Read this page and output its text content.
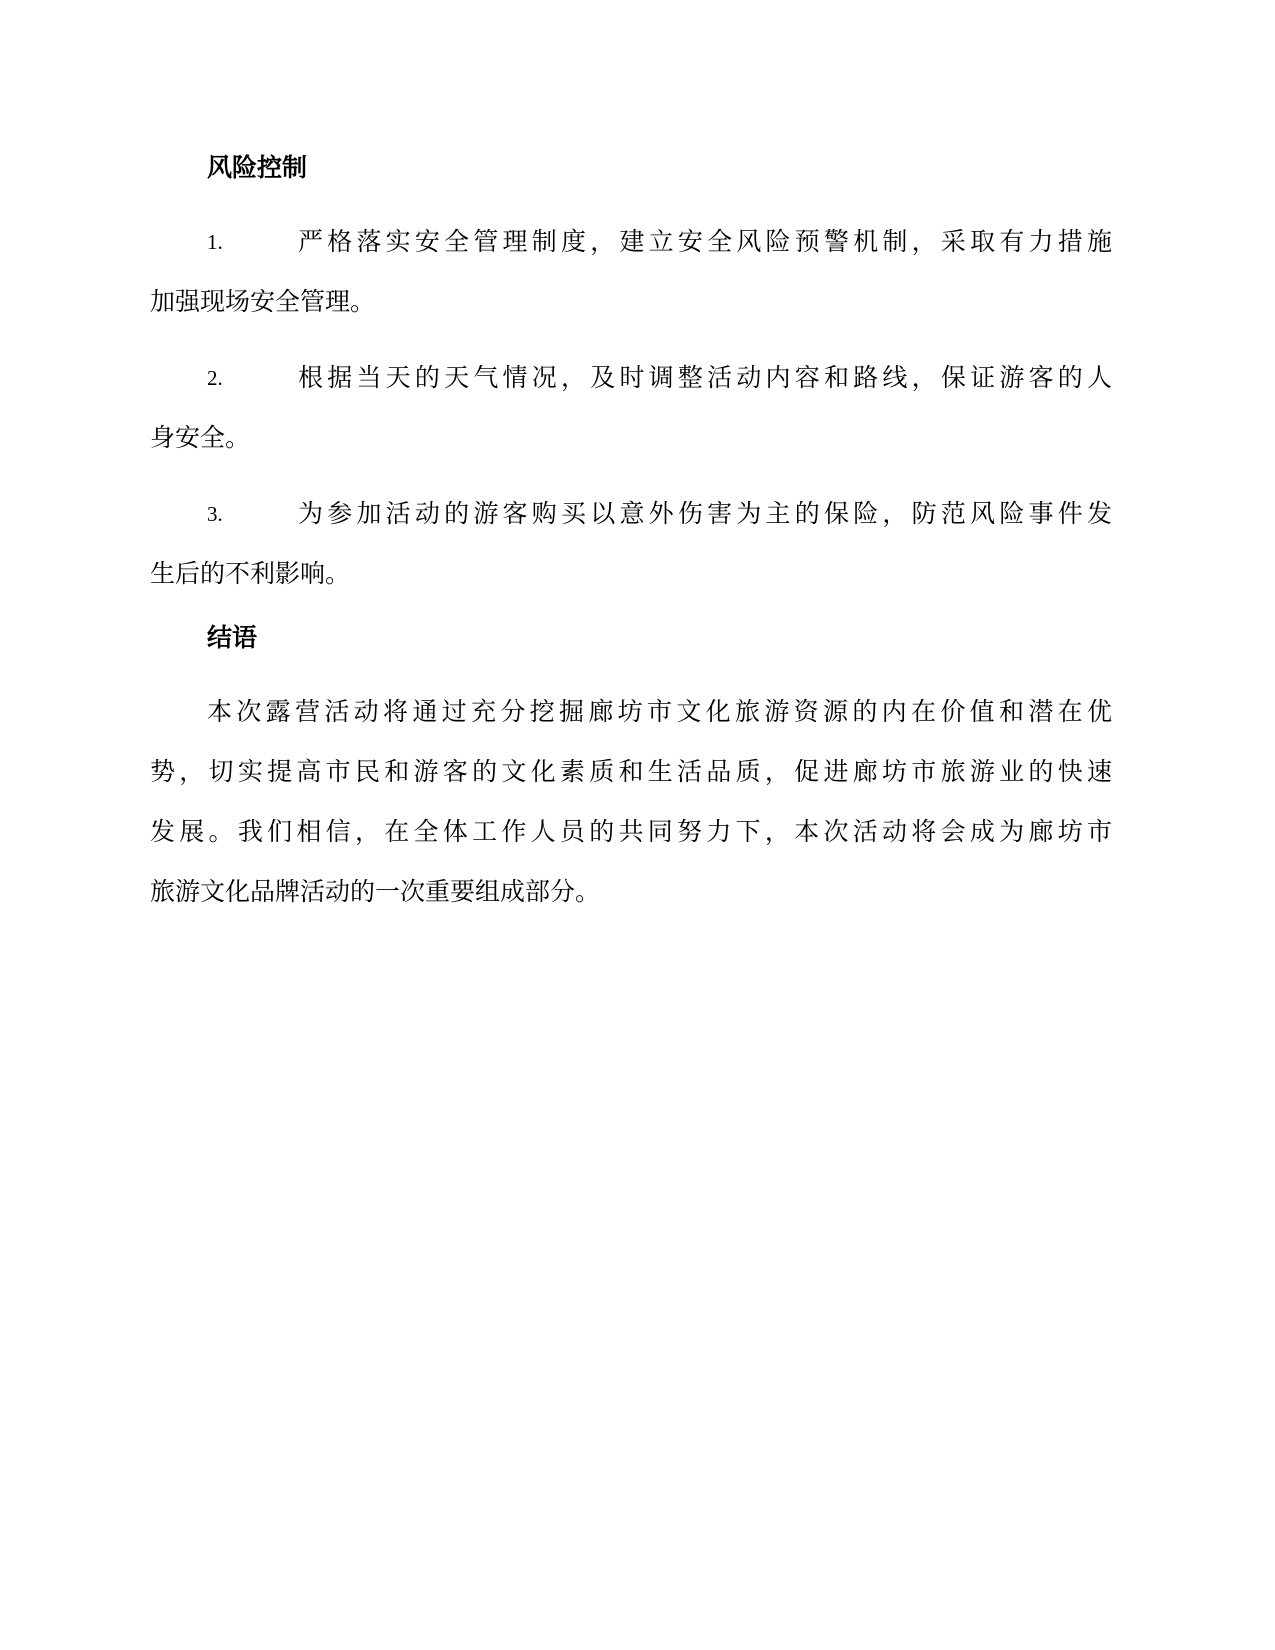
风险控制
1.	严格落实安全管理制度，建立安全风险预警机制，采取有力措施
加强现场安全管理。
2.	根据当天的天气情况，及时调整活动内容和路线，保证游客的人
身安全。
3.	为参加活动的游客购买以意外伤害为主的保险，防范风险事件发
生后的不利影响。
结语
本次露营活动将通过充分挖掘廊坊市文化旅游资源的内在价值和潜在优
势，切实提高市民和游客的文化素质和生活品质，促进廊坊市旅游业的快速
发展。我们相信，在全体工作人员的共同努力下，本次活动将会成为廊坊市
旅游文化品牌活动的一次重要组成部分。
